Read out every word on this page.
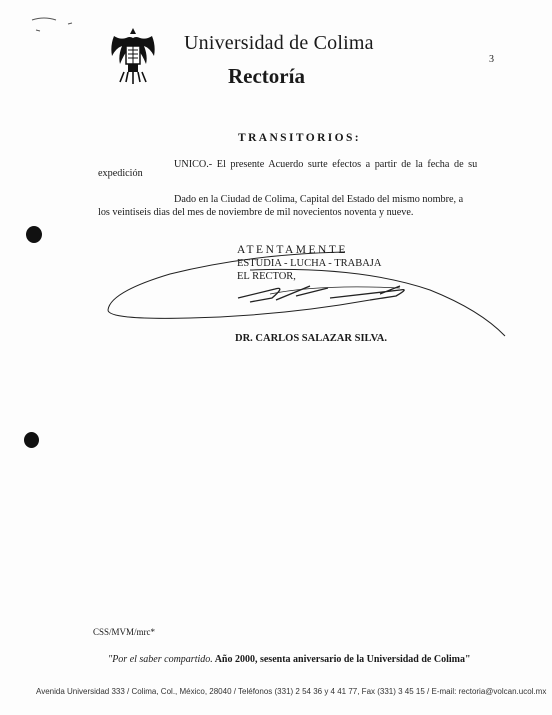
Universidad de Colima
Rectoría
3
TRANSITORIOS:
UNICO.- El presente Acuerdo surte efectos a partir de la fecha de su
expedición
Dado en la Ciudad de Colima, Capital del Estado del mismo nombre, a
los veintiseis dias del mes de noviembre de mil novecientos noventa y nueve.
ATENTAMENTE
ESTUDIA - LUCHA - TRABAJA
EL RECTOR,
DR. CARLOS SALAZAR SILVA.
CSS/MVM/mrc*
"Por el saber compartido. Año 2000, sesenta aniversario de la Universidad de Colima"
Avenida Universidad 333 / Colima, Col., México, 28040 / Teléfonos (331) 2 54 36 y 4 41 77, Fax (331) 3 45 15 / E-mail: rectoria@volcan.ucol.mx
